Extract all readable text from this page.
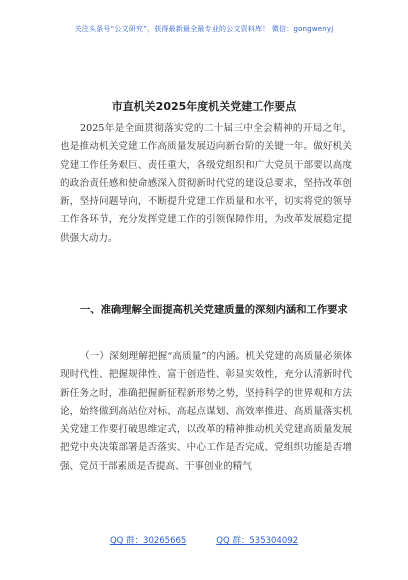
关注头条号“公文研究”，获得最新最全最专业的公文资料库！ 微信：gongwenyj
市直机关2025年度机关党建工作要点
2025年是全面贯彻落实党的二十届三中全会精神的开局之年，也是推动机关党建工作高质量发展迈向新台阶的关键一年。做好机关党建工作任务艰巨、责任重大，各级党组织和广大党员干部要以高度的政治责任感和使命感深入贯彻新时代党的建设总要求，坚持改革创新，坚持问题导向，不断提升党建工作质量和水平，切实将党的领导工作各环节，充分发挥党建工作的引领保障作用，为改革发展稳定提供强大动力。
一、准确理解全面提高机关党建质量的深刻内涵和工作要求
（一）深刻理解把握“高质量”的内涵。机关党建的高质量必须体现时代性、把握规律性、富于创造性、彰显实效性，充分认清新时代新任务之时，准确把握新征程新形势之势，坚持科学的世界观和方法论，始终做到高站位对标、高起点谋划、高效率推进、高质量落实机关党建工作要打破思维定式，以改革的精神推动机关党建高质量发展把党中央决策部署是否落实、中心工作是否完成、党组织功能是否增强、党员干部素质是否提高、干事创业的精气
QQ 群：30265665	QQ 群：535304092
